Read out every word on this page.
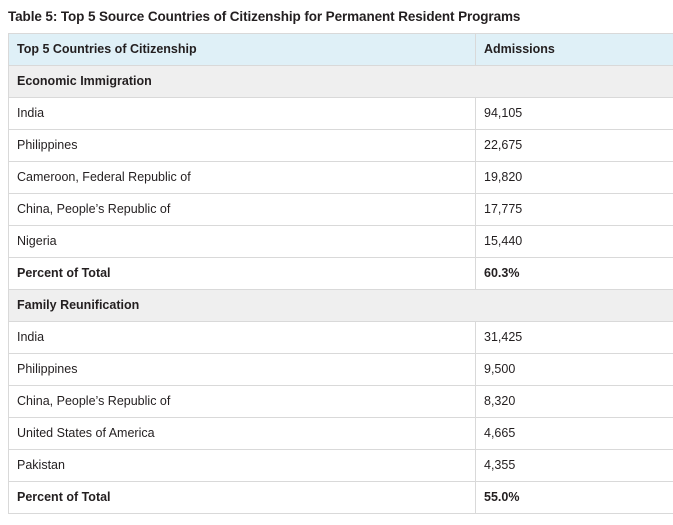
Table 5: Top 5 Source Countries of Citizenship for Permanent Resident Programs
Top 5 Countries of Citizenship	Admissions
Economic Immigration	
India	94,105
Philippines	22,675
Cameroon, Federal Republic of	19,820
China, People’s Republic of	17,775
Nigeria	15,440
Percent of Total	60.3%
Family Reunification	
India	31,425
Philippines	9,500
China, People’s Republic of	8,320
United States of America	4,665
Pakistan	4,355
Percent of Total	55.0%
